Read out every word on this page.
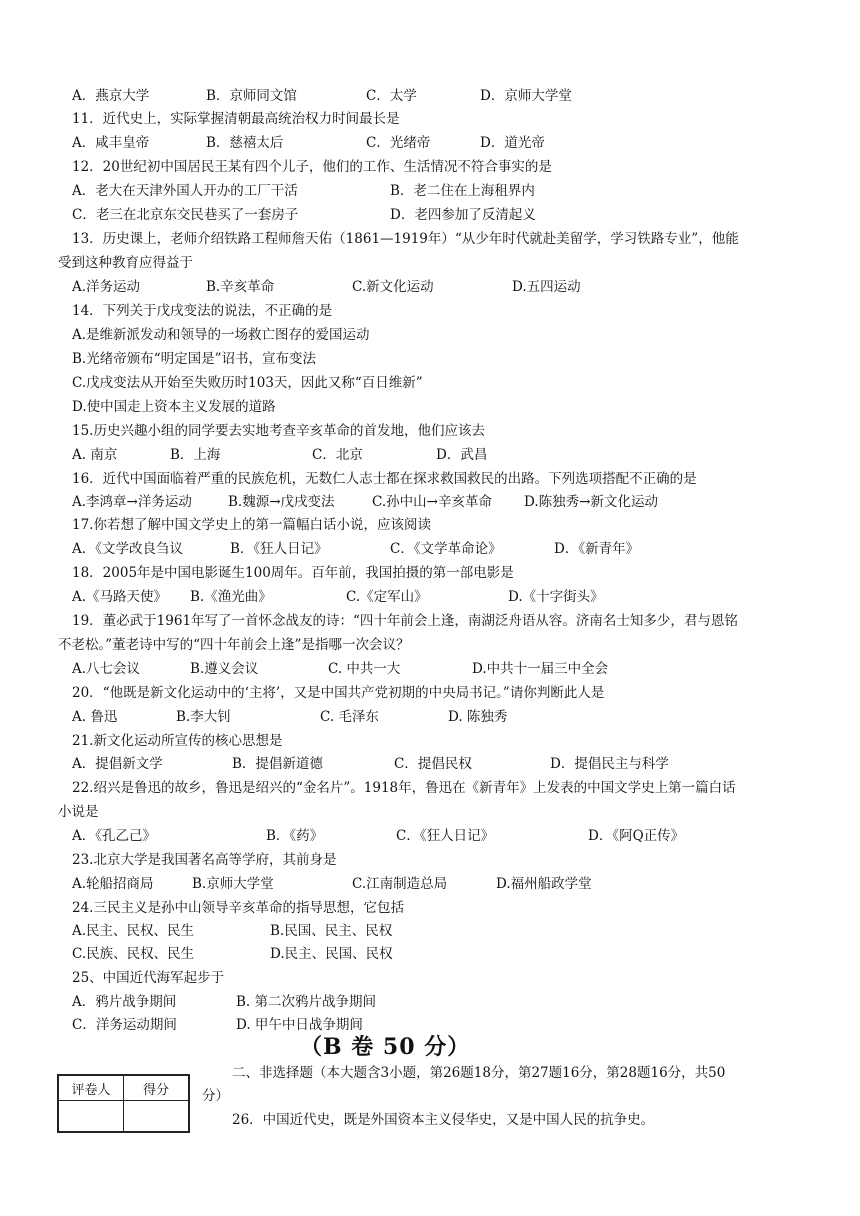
A．燕京大学	B．京师同文馆	C．太学	D．京师大学堂
11．近代史上，实际掌握清朝最高统治权力时间最长是
A．咸丰皇帝	B．慈禧太后	C．光绪帝	D．道光帝
12．20世纪初中国居民王某有四个儿子，他们的工作、生活情况不符合事实的是
A．老大在天津外国人开办的工厂干活	B．老二住在上海租界内
C．老三在北京东交民巷买了一套房子	D．老四参加了反清起义
13．历史课上，老师介绍铁路工程师詹天佑（1861—1919年）“从少年时代就赴美留学，学习铁路专业”，他能
受到这种教育应得益于
A.洋务运动	B.辛亥革命	C.新文化运动	D.五四运动
14．下列关于戊戌变法的说法，不正确的是
A.是维新派发动和领导的一场救亡图存的爱国运动
B.光绪帝颁布“明定国是”诏书，宣布变法
C.戊戌变法从开始至失败历时103天，因此又称“百日维新”
D.使中国走上资本主义发展的道路
15.历史兴趣小组的同学要去实地考查辛亥革命的首发地，他们应该去
A. 南京	B．上海	C．北京	D．武昌
16．近代中国面临着严重的民族危机，无数仁人志士都在探求救国救民的出路。下列选项搭配不正确的是
A.李鸿章→洋务运动	B.魏源→戊戌变法	C.孙中山→辛亥革命 D.陈独秀→新文化运动
17.你若想了解中国文学史上的第一篇幅白话小说，应该阅读
A．《文学改良刍议	B．《狂人日记》	C．《文学革命论》	D．《新青年》
18．2005年是中国电影诞生100周年。百年前，我国拍摄的第一部电影是
A.《马路天使》 B.《渔光曲》	C.《定军山》	D.《十字街头》
19．董必武于1961年写了一首怀念战友的诗：“四十年前会上逢，南湖泛舟语从容。济南名士知多少，君与恩铭
不老松。”董老诗中写的“四十年前会上逢”是指哪一次会议？
A.八七会议	B.遵义会议	C. 中共一大	D.中共十一届三中全会
20．“他既是新文化运动中的‘主将’，又是中国共产党初期的中央局书记。”请你判断此人是
A. 鲁迅	B.李大钊	C. 毛泽东	D. 陈独秀
21.新文化运动所宣传的核心思想是
A．提倡新文学	B．提倡新道德	C．提倡民权	D．提倡民主与科学
22.绍兴是鲁迅的故乡，鲁迅是绍兴的“金名片”。1918年，鲁迅在《新青年》上发表的中国文学史上第一篇白话
小说是
A．《孔乙己》	B．《药》	C．《狂人日记》	D．《阿Q正传》
23.北京大学是我国著名高等学府，其前身是
A.轮船招商局	B.京师大学堂	C.江南制造总局	D.福州船政学堂
24.三民主义是孙中山领导辛亥革命的指导思想，它包括
A.民主、民权、民生	B.民国、民主、民权
C.民族、民权、民生	D.民主、民国、民权
25、中国近代海军起步于
A．鸦片战争期间	B. 第二次鸦片战争期间
C．洋务运动期间	D. 甲午中日战争期间
（B 卷 50 分）
评卷人	得分

二、非选择题（本大题含3小题，第26题18分，第27题16分，第28题16分，共50
分）
26．中国近代史，既是外国资本主义侵华史，又是中国人民的抗争史。
